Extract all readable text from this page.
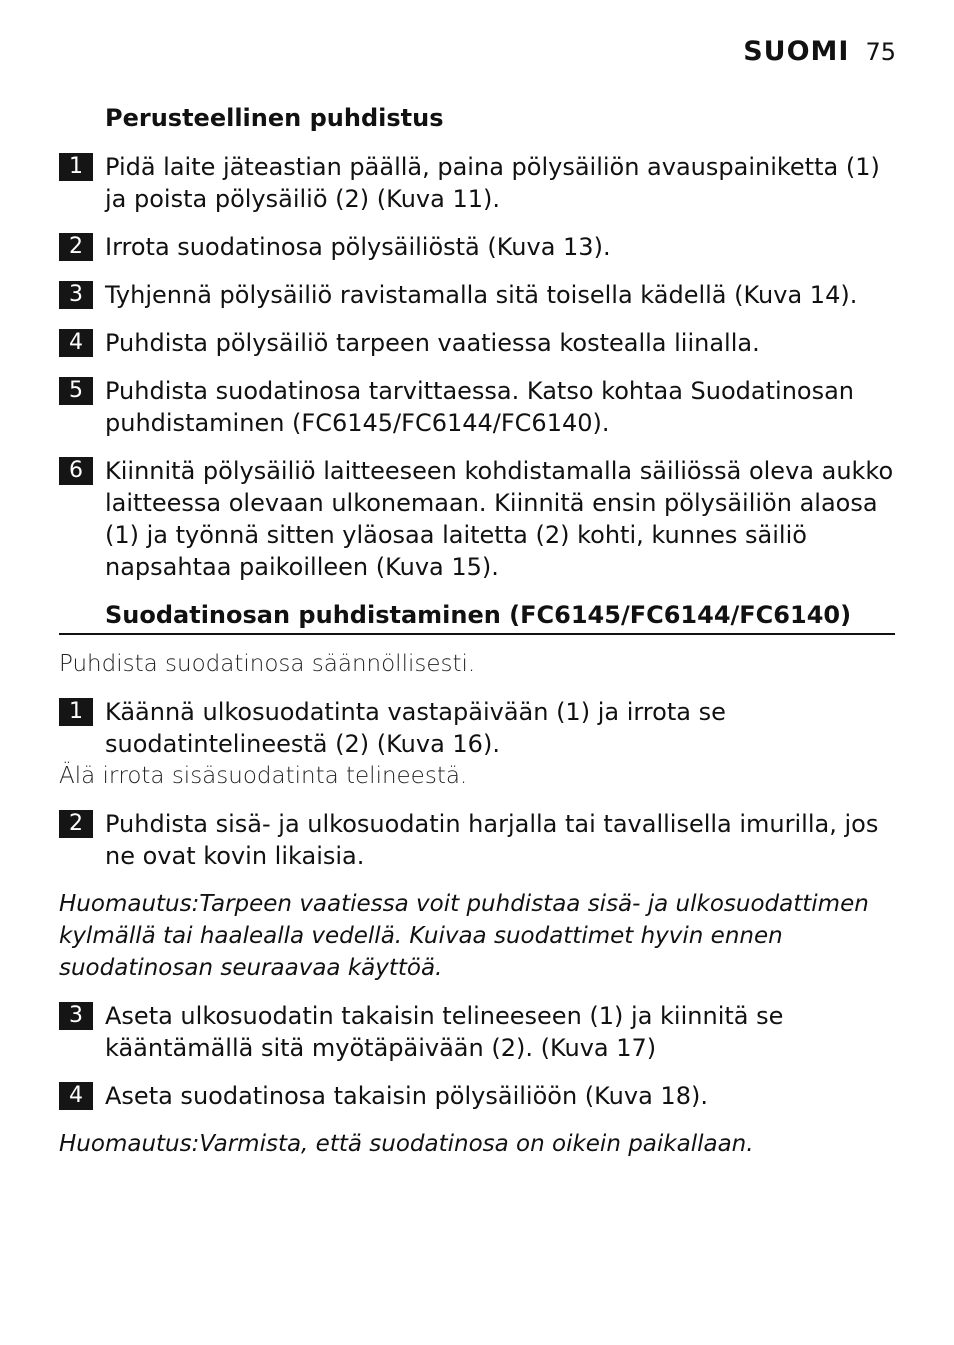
SUOMI 75
Perusteellinen puhdistus
1 Pidä laite jäteastian päällä, paina pölysäiliön avauspainiketta (1) ja poista pölysäiliö (2) (Kuva 11).
2 Irrota suodatinosa pölysäiliöstä (Kuva 13).
3 Tyhjennä pölysäiliö ravistamalla sitä toisella kädellä (Kuva 14).
4 Puhdista pölysäiliö tarpeen vaatiessa kostealla liinalla.
5 Puhdista suodatinosa tarvittaessa. Katso kohtaa Suodatinosan puhdistaminen (FC6145/FC6144/FC6140).
6 Kiinnitä pölysäiliö laitteeseen kohdistamalla säiliössä oleva aukko laitteessa olevaan ulkonemaan. Kiinnitä ensin pölysäiliön alaosa (1) ja työnnä sitten yläosaa laitetta (2) kohti, kunnes säiliö napsahtaa paikoilleen (Kuva 15).
Suodatinosan puhdistaminen (FC6145/FC6144/FC6140)
Puhdista suodatinosa säännöllisesti.
1 Käännä ulkosuodatinta vastapäivään (1) ja irrota se suodatintelineestä (2) (Kuva 16).
Älä irrota sisäsuodatinta telineestä.
2 Puhdista sisä- ja ulkosuodatin harjalla tai tavallisella imurilla, jos ne ovat kovin likaisia.
Huomautus:Tarpeen vaatiessa voit puhdistaa sisä- ja ulkosuodattimen kylmällä tai haalealla vedellä. Kuivaa suodattimet hyvin ennen suodatinosan seuraavaa käyttöä.
3 Aseta ulkosuodatin takaisin telineeseen (1) ja kiinnitä se kääntämällä sitä myötäpäivään (2). (Kuva 17)
4 Aseta suodatinosa takaisin pölysäiliöön (Kuva 18).
Huomautus:Varmista, että suodatinosa on oikein paikallaan.
